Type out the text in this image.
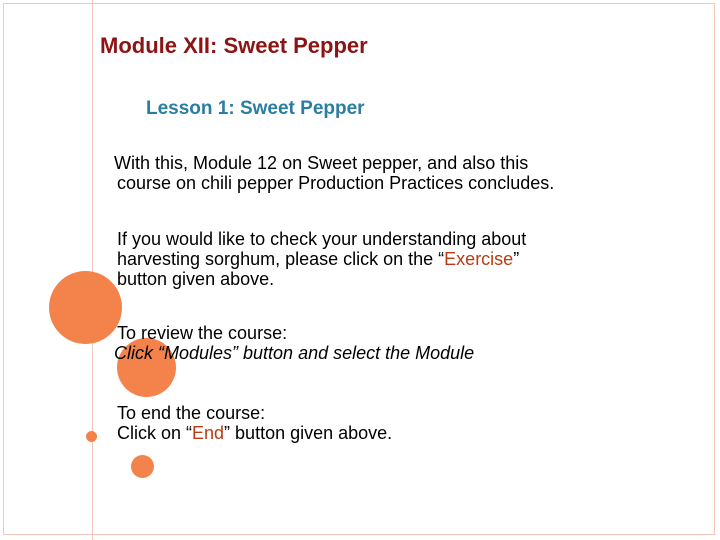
Module XII: Sweet Pepper
Lesson 1: Sweet Pepper

With this, Module 12 on Sweet pepper, and also this
course on chili pepper Production Practices concludes.

If you would like to check your understanding about
harvesting sorghum, please click on the “Exercise”
button given above.

To review the course:
Click “Modules” button and select the Module

To end the course:
Click on “End” button given above.
